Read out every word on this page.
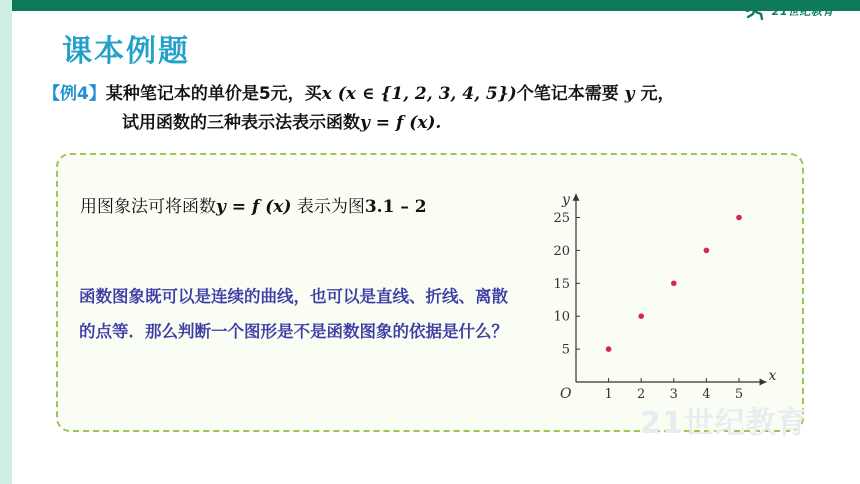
21世纪教育
课本例题
【例4】某种笔记本的单价是5元，买x (x ∈ {1, 2, 3, 4, 5})个笔记本需要 y 元，
试用函数的三种表示法表示函数y = f (x).
用图象法可将函数y = f (x) 表示为图3.1 – 2
函数图象既可以是连续的曲线，也可以是直线、折线、离散的点等．那么判断一个图形是不是函数图象的依据是什么？
21世纪教育
x
y
O	1 2 3 4 5
5
10
15
20
25
